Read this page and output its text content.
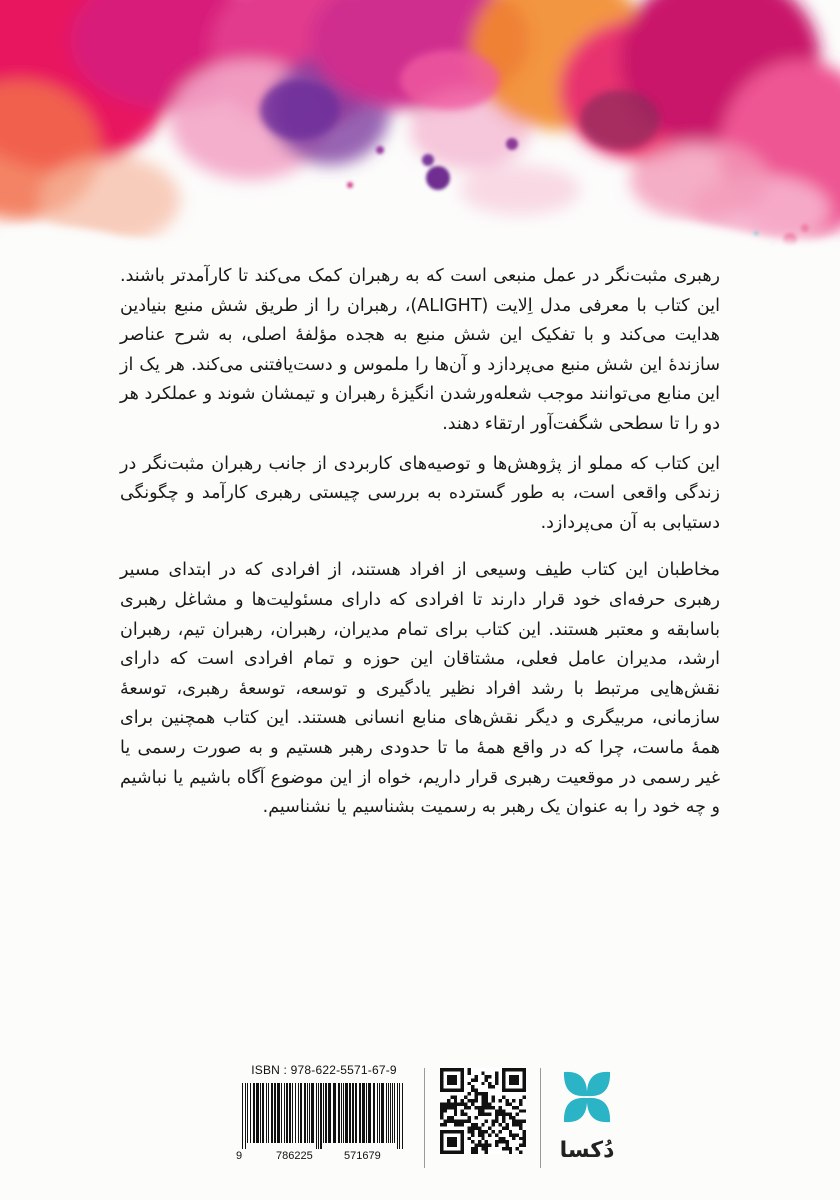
رهبری مثبت‌نگر در عمل منبعی است که به رهبران کمک می‌کند تا کارآمدتر باشند. این کتاب با معرفی مدل اِلایت (ALIGHT)، رهبران را از طریق شش منبع بنیادین هدایت می‌کند و با تفکیک این شش منبع به هجده مؤلفهٔ اصلی، به شرح عناصر سازندهٔ این شش منبع می‌پردازد و آن‌ها را ملموس و دست‌یافتنی می‌کند. هر یک از این منابع می‌توانند موجب شعله‌ورشدن انگیزهٔ رهبران و تیمشان شوند و عملکرد هر دو را تا سطحی شگفت‌آور ارتقاء دهند.

این کتاب که مملو از پژوهش‌ها و توصیه‌های کاربردی از جانب رهبران مثبت‌نگر در زندگی واقعی است، به طور گسترده به بررسی چیستی رهبری کارآمد و چگونگی دستیابی به آن می‌پردازد.

مخاطبان این کتاب طیف وسیعی از افراد هستند، از افرادی که در ابتدای مسیر رهبری حرفه‌ای خود قرار دارند تا افرادی که دارای مسئولیت‌ها و مشاغل رهبری باسابقه و معتبر هستند. این کتاب برای تمام مدیران، رهبران، رهبران تیم، رهبران ارشد، مدیران عامل فعلی، مشتاقان این حوزه و تمام افرادی است که دارای نقش‌هایی مرتبط با رشد افراد نظیر یادگیری و توسعه، توسعهٔ رهبری، توسعهٔ سازمانی، مربیگری و دیگر نقش‌های منابع انسانی هستند. این کتاب همچنین برای همهٔ ماست، چرا که در واقع همهٔ ما تا حدودی رهبر هستیم و به صورت رسمی یا غیر رسمی در موقعیت رهبری قرار داریم، خواه از این موضوع آگاه باشیم یا نباشیم و چه خود را به عنوان یک رهبر به رسمیت بشناسیم یا نشناسیم.

ISBN : 978-622-5571-67-9
9	786225	571679	دُکسا
